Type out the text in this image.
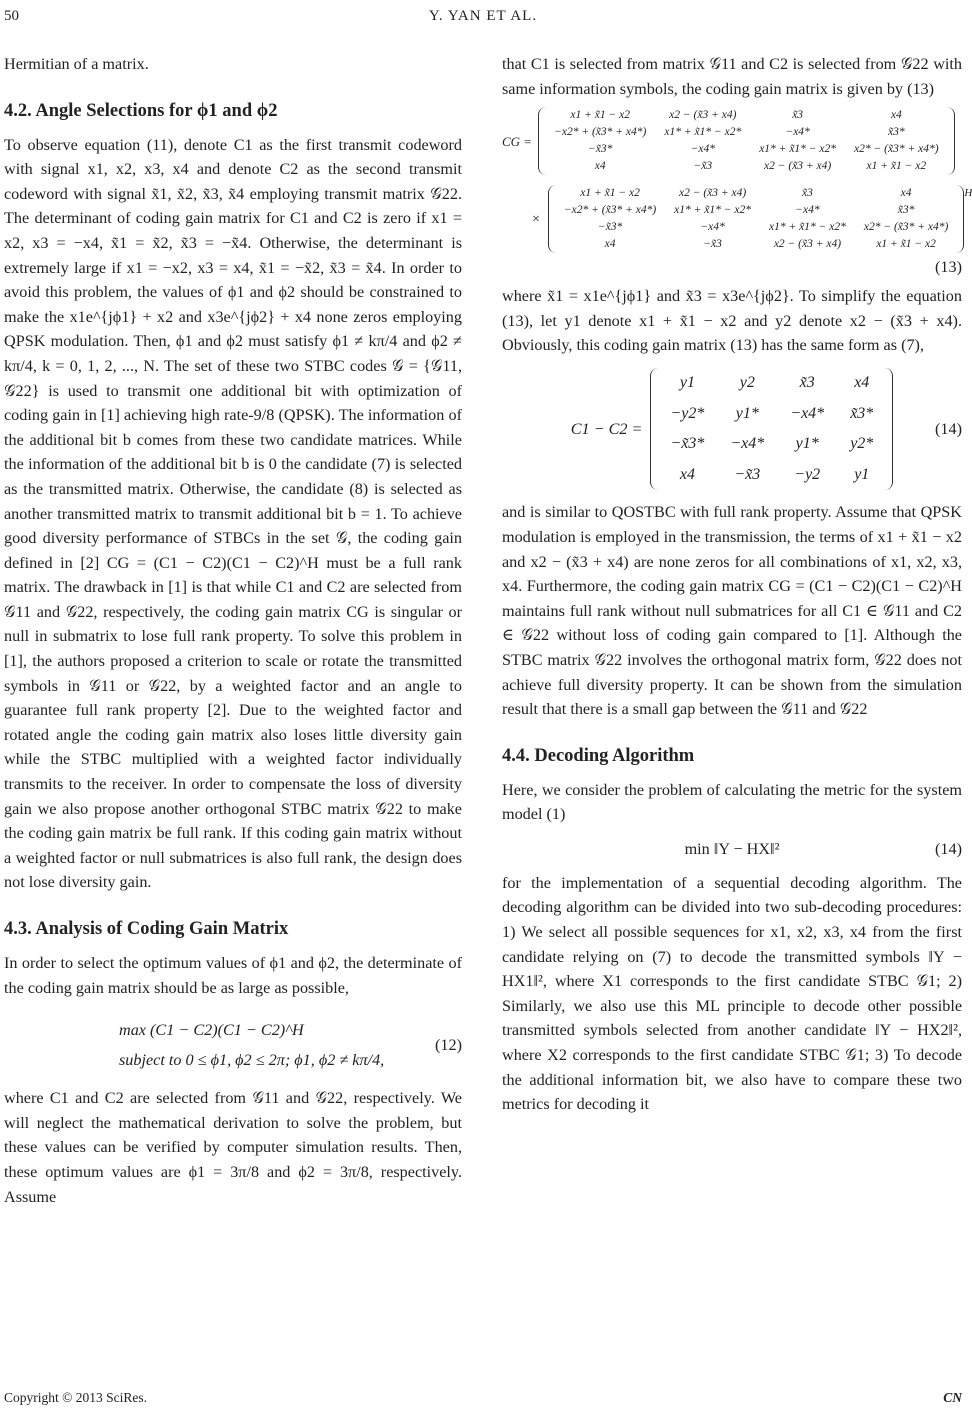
50	Y. YAN ET AL.

Hermitian of a matrix.

4.2. Angle Selections for ϕ1 and ϕ2

To observe equation (11), denote C1 as the first transmit codeword with signal x1, x2, x3, x4 and denote C2 as the second transmit codeword with signal x̃1, x̃2, x̃3, x̃4 employing transmit matrix 𝒢22. The determinant of coding gain matrix for C1 and C2 is zero if x1 = x2, x3 = −x4, x̃1 = x̃2, x̃3 = −x̃4. Otherwise, the determinant is extremely large if x1 = −x2, x3 = x4, x̃1 = −x̃2, x̃3 = x̃4. In order to avoid this problem, the values of ϕ1 and ϕ2 should be constrained to make the x1e^{jϕ1} + x2 and x3e^{jϕ2} + x4 none zeros employing QPSK modulation. Then, ϕ1 and ϕ2 must satisfy ϕ1 ≠ kπ/4 and ϕ2 ≠ kπ/4, k = 0, 1, 2, ..., N. The set of these two STBC codes 𝒢 = {𝒢11, 𝒢22} is used to transmit one additional bit with optimization of coding gain in [1] achieving high rate-9/8 (QPSK). The information of the additional bit b comes from these two candidate matrices. While the information of the additional bit b is 0 the candidate (7) is selected as the transmitted matrix. Otherwise, the candidate (8) is selected as another transmitted matrix to transmit additional bit b = 1. To achieve good diversity performance of STBCs in the set 𝒢, the coding gain defined in [2] CG = (C1 − C2)(C1 − C2)^H must be a full rank matrix. The drawback in [1] is that while C1 and C2 are selected from 𝒢11 and 𝒢22, respectively, the coding gain matrix CG is singular or null in submatrix to lose full rank property. To solve this problem in [1], the authors proposed a criterion to scale or rotate the transmitted symbols in 𝒢11 or 𝒢22, by a weighted factor and an angle to guarantee full rank property [2]. Due to the weighted factor and rotated angle the coding gain matrix also loses little diversity gain while the STBC multiplied with a weighted factor individually transmits to the receiver. In order to compensate the loss of diversity gain we also propose another orthogonal STBC matrix 𝒢22 to make the coding gain matrix be full rank. If this coding gain matrix without a weighted factor or null submatrices is also full rank, the design does not lose diversity gain.

4.3. Analysis of Coding Gain Matrix

In order to select the optimum values of ϕ1 and ϕ2, the determinate of the coding gain matrix should be as large as possible,

max (C1 − C2)(C1 − C2)^H
subject to 0 ≤ ϕ1, ϕ2 ≤ 2π; ϕ1, ϕ2 ≠ kπ/4,
(12)

where C1 and C2 are selected from 𝒢11 and 𝒢22, respectively. We will neglect the mathematical derivation to solve the problem, but these values can be verified by computer simulation results. Then, these optimum values are ϕ1 = 3π/8 and ϕ2 = 3π/8, respectively. Assume

that C1 is selected from matrix 𝒢11 and C2 is selected from 𝒢22 with same information symbols, the coding gain matrix is given by (13)

CG =
x1 + x̃1 − x2	x2 − (x̃3 + x4)	x̃3	x4
−x2* + (x̃3* + x4*)	x1* + x̃1* − x2*	−x4*	x̃3*
−x̃3*	−x4*	x1* + x̃1* − x2*	x2* − (x̃3* + x4*)
x4	−x̃3	x2 − (x̃3 + x4)	x1 + x̃1 − x2
×
x1 + x̃1 − x2	x2 − (x̃3 + x4)	x̃3	x4
−x2* + (x̃3* + x4*)	x1* + x̃1* − x2*	−x4*	x̃3*
−x̃3*	−x4*	x1* + x̃1* − x2*	x2* − (x̃3* + x4*)
x4	−x̃3	x2 − (x̃3 + x4)	x1 + x̃1 − x2
H
(13)

where x̃1 = x1e^{jϕ1} and x̃3 = x3e^{jϕ2}. To simplify the equation (13), let y1 denote x1 + x̃1 − x2 and y2 denote x2 − (x̃3 + x4). Obviously, this coding gain matrix (13) has the same form as (7),

C1 − C2 =
y1	y2	x̃3	x4
−y2*	y1*	−x4*	x̃3*
−x̃3*	−x4*	y1*	y2*
x4	−x̃3	−y2	y1
(14)

and is similar to QOSTBC with full rank property. Assume that QPSK modulation is employed in the transmission, the terms of x1 + x̃1 − x2 and x2 − (x̃3 + x4) are none zeros for all combinations of x1, x2, x3, x4. Furthermore, the coding gain matrix CG = (C1 − C2)(C1 − C2)^H maintains full rank without null submatrices for all C1 ∈ 𝒢11 and C2 ∈ 𝒢22 without loss of coding gain compared to [1]. Although the STBC matrix 𝒢22 involves the orthogonal matrix form, 𝒢22 does not achieve full diversity property. It can be shown from the simulation result that there is a small gap between the 𝒢11 and 𝒢22

4.4. Decoding Algorithm

Here, we consider the problem of calculating the metric for the system model (1)

min ‖Y − HX‖²	(14)

for the implementation of a sequential decoding algorithm. The decoding algorithm can be divided into two sub-decoding procedures: 1) We select all possible sequences for x1, x2, x3, x4 from the first candidate relying on (7) to decode the transmitted symbols ‖Y − HX1‖², where X1 corresponds to the first candidate STBC 𝒢1; 2) Similarly, we also use this ML principle to decode other possible transmitted symbols selected from another candidate ‖Y − HX2‖², where X2 corresponds to the first candidate STBC 𝒢1; 3) To decode the additional information bit, we also have to compare these two metrics for decoding it

Copyright © 2013 SciRes.	CN
